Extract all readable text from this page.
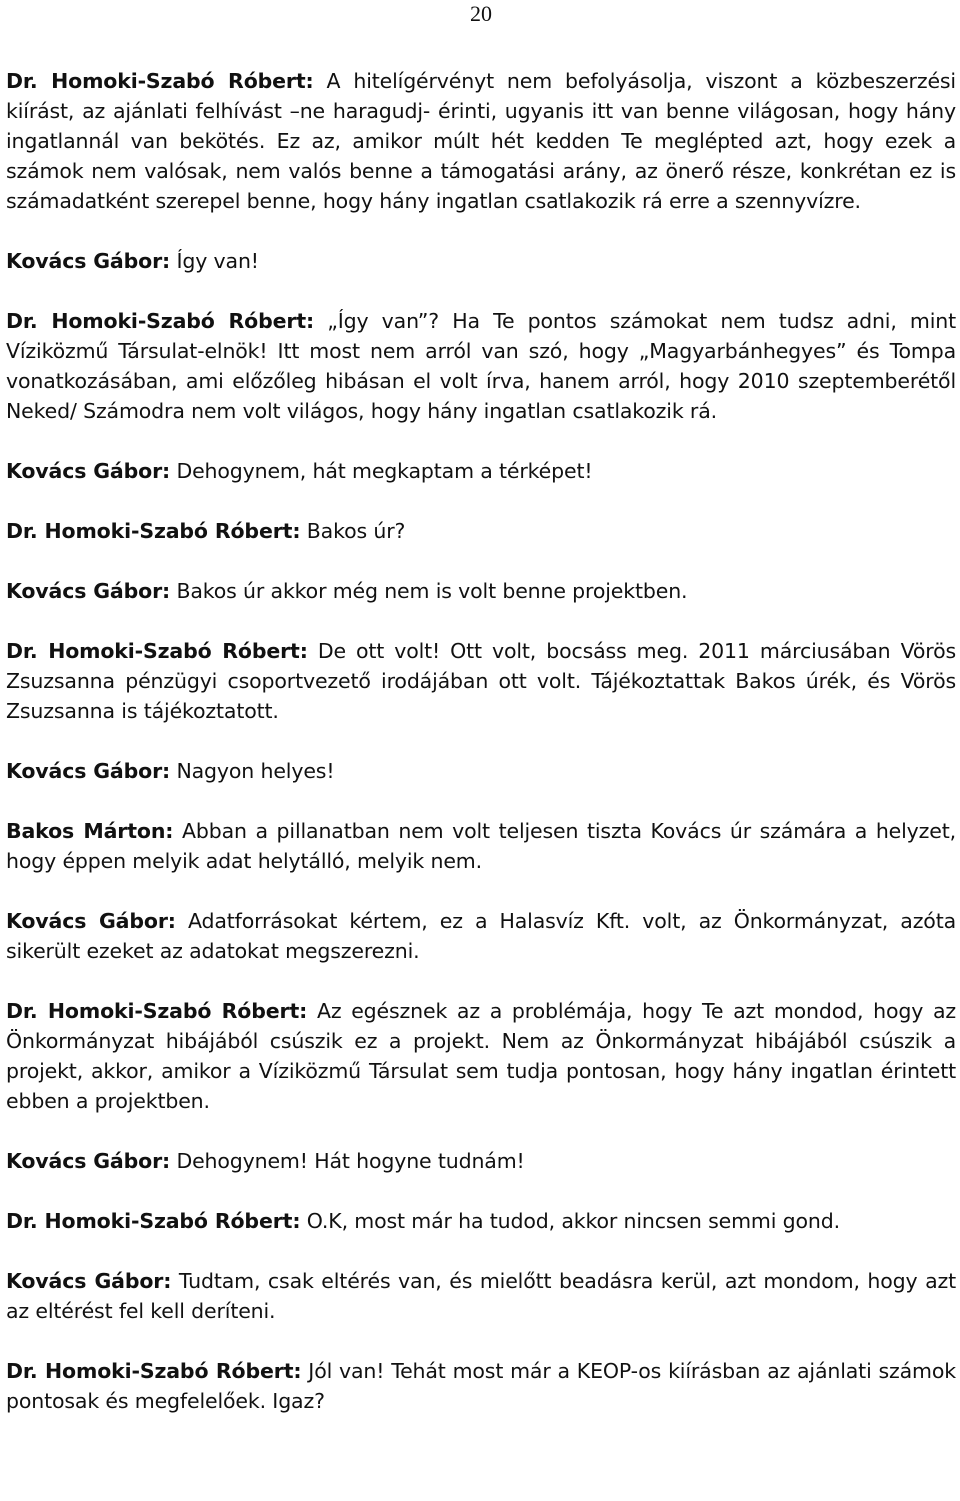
20
Dr. Homoki-Szabó Róbert: A hitelígérvényt nem befolyásolja, viszont a közbeszerzési kiírást, az ajánlati felhívást –ne haragudj- érinti, ugyanis itt van benne világosan, hogy hány ingatlannál van bekötés. Ez az, amikor múlt hét kedden Te meglépted azt, hogy ezek a számok nem valósak, nem valós benne a támogatási arány, az önerő része, konkrétan ez is számadatként szerepel benne, hogy hány ingatlan csatlakozik rá erre a szennyvízre.
Kovács Gábor: Így van!
Dr. Homoki-Szabó Róbert: „Így van”? Ha Te pontos számokat nem tudsz adni, mint Víziközmű Társulat-elnök! Itt most nem arról van szó, hogy „Magyarbánhegyes” és Tompa vonatkozásában, ami előzőleg hibásan el volt írva, hanem arról, hogy 2010 szeptemberétől Neked/ Számodra nem volt világos, hogy hány ingatlan csatlakozik rá.
Kovács Gábor: Dehogynem, hát megkaptam a térképet!
Dr. Homoki-Szabó Róbert: Bakos úr?
Kovács Gábor: Bakos úr akkor még nem is volt benne projektben.
Dr. Homoki-Szabó Róbert: De ott volt! Ott volt, bocsáss meg. 2011 márciusában Vörös Zsuzsanna pénzügyi csoportvezető irodájában ott volt. Tájékoztattak Bakos úrék, és Vörös Zsuzsanna is tájékoztatott.
Kovács Gábor: Nagyon helyes!
Bakos Márton: Abban a pillanatban nem volt teljesen tiszta Kovács úr számára a helyzet, hogy éppen melyik adat helytálló, melyik nem.
Kovács Gábor: Adatforrásokat kértem, ez a Halasvíz Kft. volt, az Önkormányzat, azóta sikerült ezeket az adatokat megszerezni.
Dr. Homoki-Szabó Róbert: Az egésznek az a problémája, hogy Te azt mondod, hogy az Önkormányzat hibájából csúszik ez a projekt. Nem az Önkormányzat hibájából csúszik a projekt, akkor, amikor a Víziközmű Társulat sem tudja pontosan, hogy hány ingatlan érintett ebben a projektben.
Kovács Gábor: Dehogynem! Hát hogyne tudnám!
Dr. Homoki-Szabó Róbert: O.K, most már ha tudod, akkor nincsen semmi gond.
Kovács Gábor: Tudtam, csak eltérés van, és mielőtt beadásra kerül, azt mondom, hogy azt az eltérést fel kell deríteni.
Dr. Homoki-Szabó Róbert: Jól van! Tehát most már a KEOP-os kiírásban az ajánlati számok pontosak és megfelelőek. Igaz?
